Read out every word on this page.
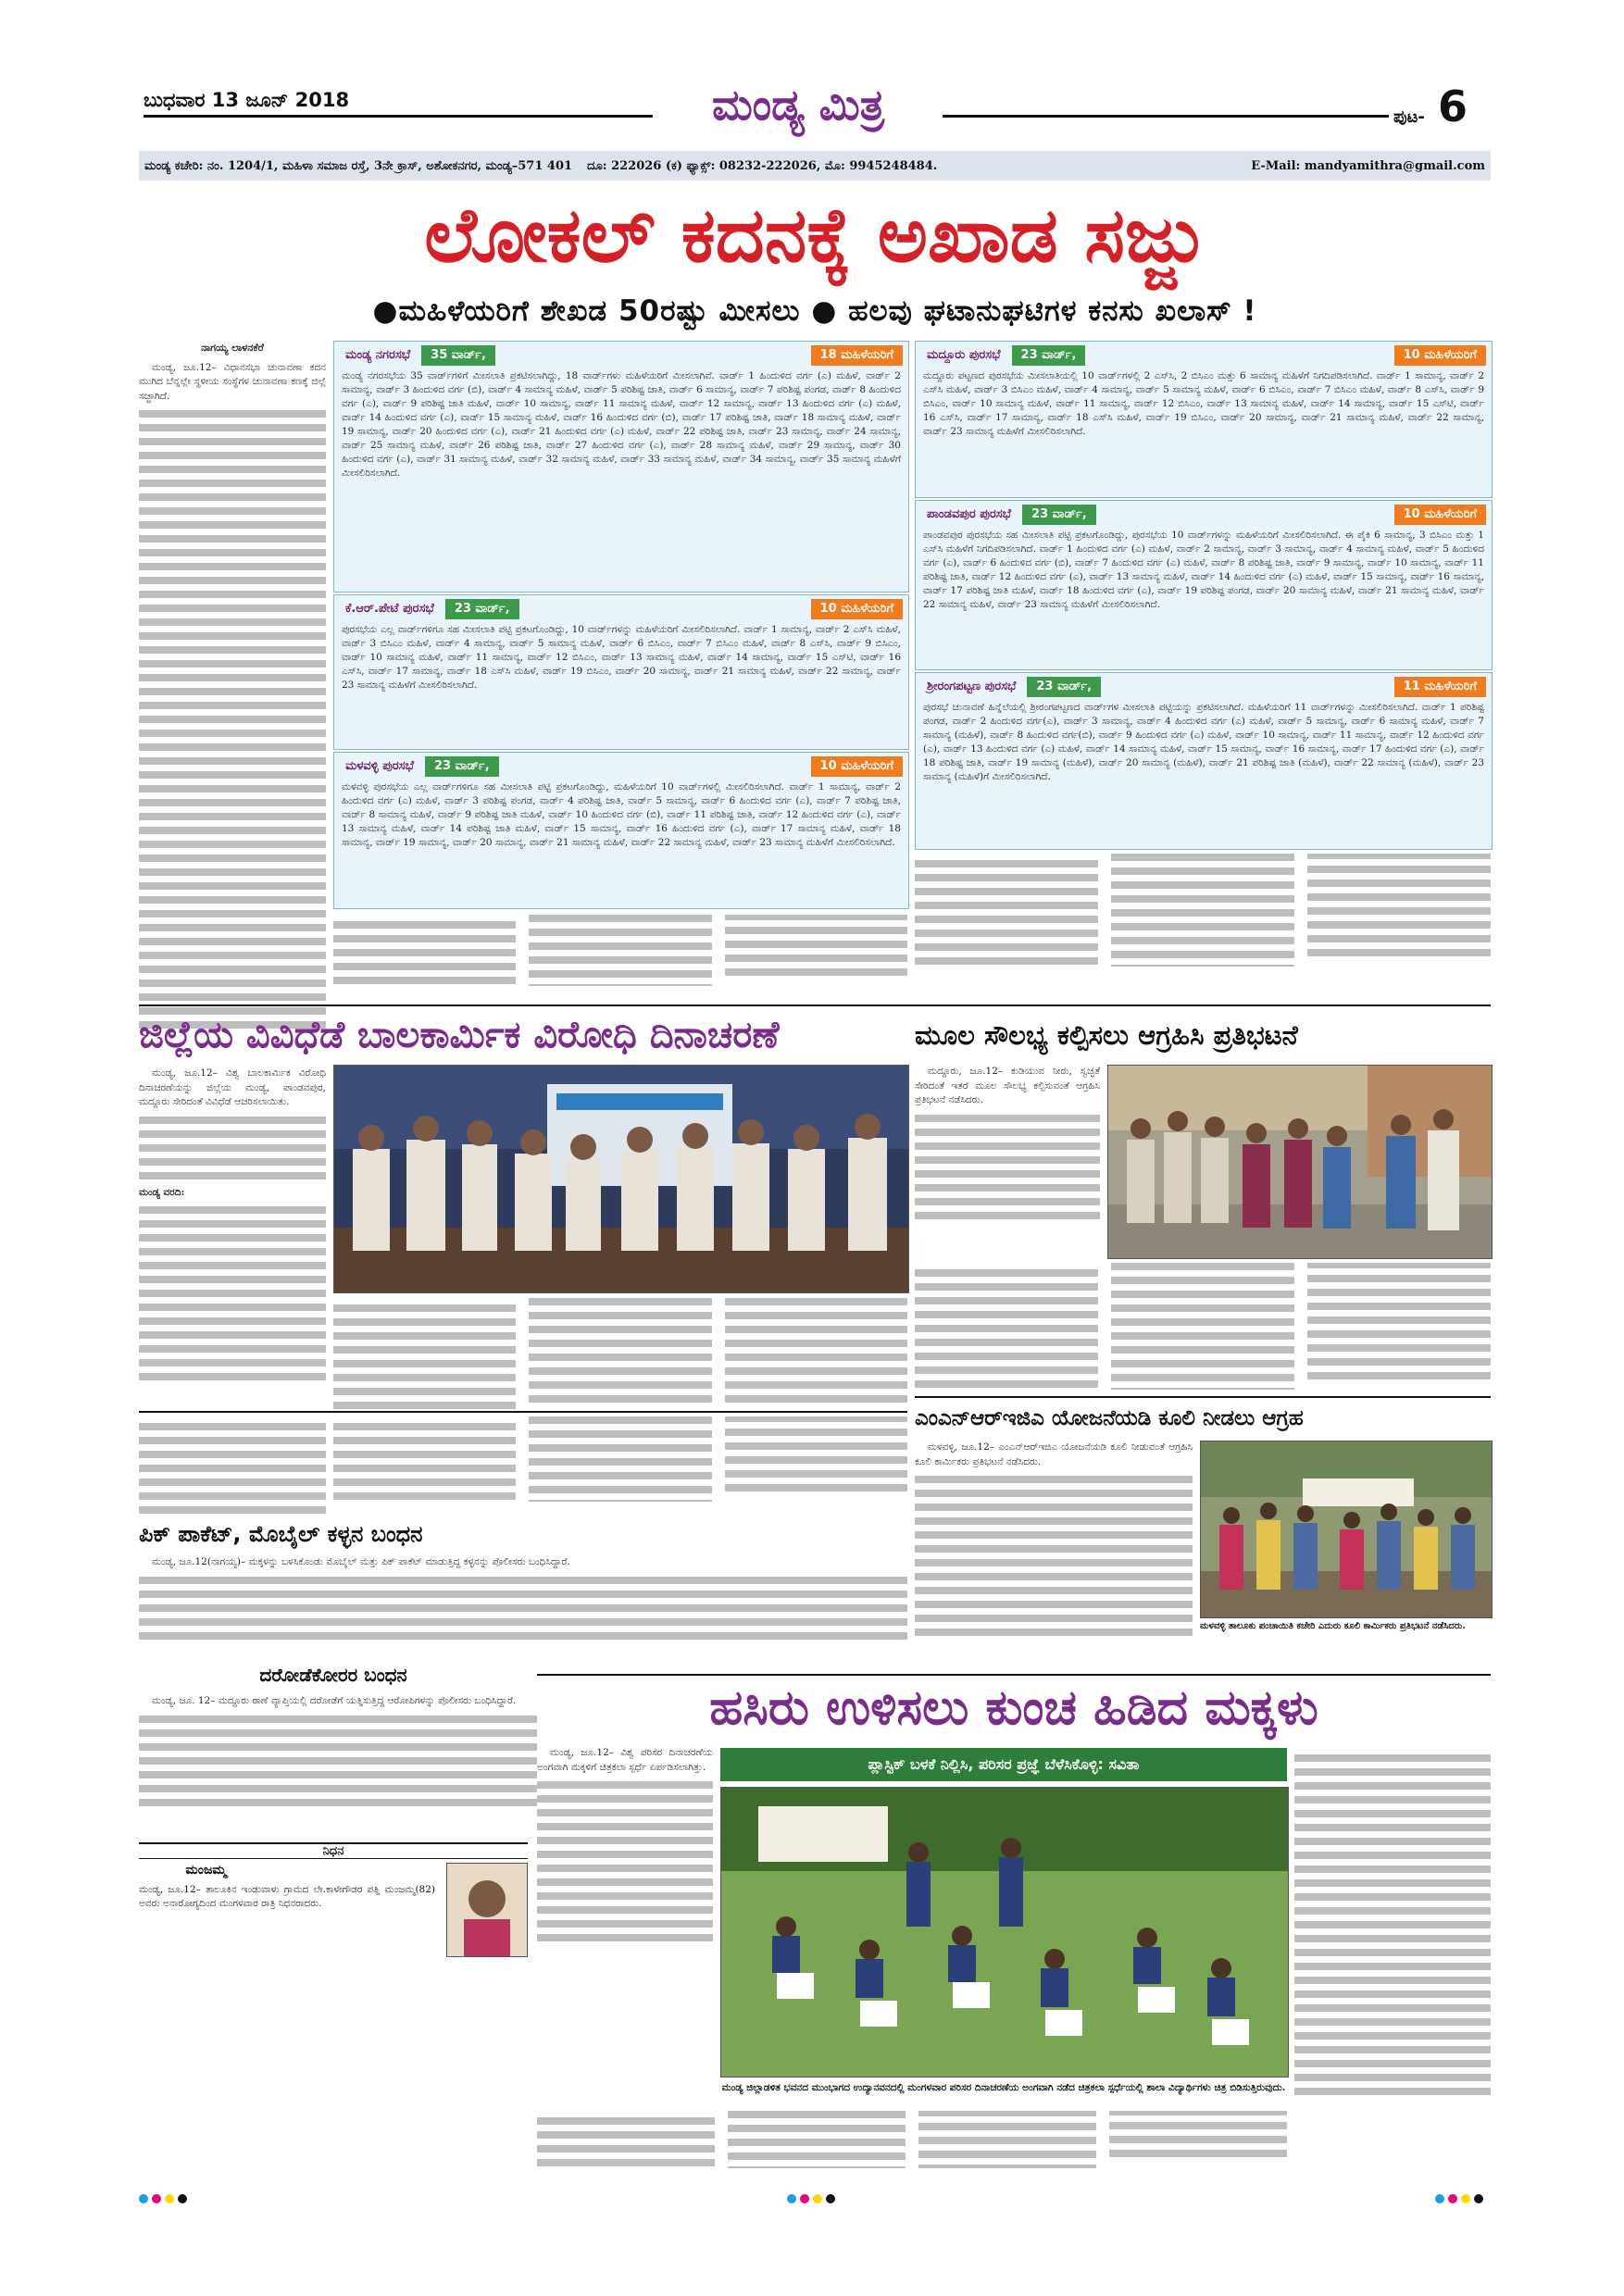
ಬುಧವಾರ 13 ಜೂನ್ 2018	ಮಂಡ್ಯ ಮಿತ್ರ	ಪುಟ- 6
ಮಂಡ್ಯ ಕಚೇರಿ: ನಂ. 1204/1, ಮಹಿಳಾ ಸಮಾಜ ರಸ್ತೆ, 3ನೇ ಕ್ರಾಸ್, ಅಶೋಕನಗರ, ಮಂಡ್ಯ–571 401 ದೂ: 222026 (ಕ) ಫ್ಯಾಕ್ಸ್: 08232-222026, ಮೊ: 9945248484.	E-Mail: mandyamithra@gmail.com
ಲೋಕಲ್ ಕದನಕ್ಕೆ ಅಖಾಡ ಸಜ್ಜು
●ಮಹಿಳೆಯರಿಗೆ ಶೇಖಡ 50ರಷ್ಟು ಮೀಸಲು ● ಹಲವು ಘಟಾನುಘಟಿಗಳ ಕನಸು ಖಲಾಸ್ !
ನಾಗಯ್ಯ ಲಾಳನಕೆರೆ

ಮಂಡ್ಯ, ಜೂ.12– ವಿಧಾನಸಭಾ ಚುನಾವಣಾ ಕದನ ಮುಗಿದ ಬೆನ್ನಲ್ಲೇ ಸ್ಥಳೀಯ ಸಂಸ್ಥೆಗಳ ಚುನಾವಣಾ ಕಣಕ್ಕೆ ಜಿಲ್ಲೆ ಸಜ್ಜಾಗಿದೆ.

ಮಂಡ್ಯ ನಗರಸಭೆ	35 ವಾರ್ಡ್,	18 ಮಹಿಳೆಯರಿಗೆ
ಮಂಡ್ಯ ನಗರಸಭೆಯ 35 ವಾರ್ಡ್‌ಗಳಿಗೆ ಮೀಸಲಾತಿ ಪ್ರಕಟಿಸಲಾಗಿದ್ದು, 18 ವಾರ್ಡ್‌ಗಳು ಮಹಿಳೆಯರಿಗೆ ಮೀಸಲಾಗಿವೆ. ವಾರ್ಡ್ 1 ಹಿಂದುಳಿದ ವರ್ಗ (ಎ) ಮಹಿಳೆ, ವಾರ್ಡ್ 2 ಸಾಮಾನ್ಯ, ವಾರ್ಡ್ 3 ಹಿಂದುಳಿದ ವರ್ಗ (ಬಿ), ವಾರ್ಡ್ 4 ಸಾಮಾನ್ಯ ಮಹಿಳೆ, ವಾರ್ಡ್ 5 ಪರಿಶಿಷ್ಟ ಜಾತಿ, ವಾರ್ಡ್ 6 ಸಾಮಾನ್ಯ, ವಾರ್ಡ್ 7 ಪರಿಶಿಷ್ಟ ಪಂಗಡ, ವಾರ್ಡ್ 8 ಹಿಂದುಳಿದ ವರ್ಗ (ಎ), ವಾರ್ಡ್ 9 ಪರಿಶಿಷ್ಟ ಜಾತಿ ಮಹಿಳೆ, ವಾರ್ಡ್ 10 ಸಾಮಾನ್ಯ, ವಾರ್ಡ್ 11 ಸಾಮಾನ್ಯ ಮಹಿಳೆ, ವಾರ್ಡ್ 12 ಸಾಮಾನ್ಯ, ವಾರ್ಡ್ 13 ಹಿಂದುಳಿದ ವರ್ಗ (ಎ) ಮಹಿಳೆ, ವಾರ್ಡ್ 14 ಹಿಂದುಳಿದ ವರ್ಗ (ಎ), ವಾರ್ಡ್ 15 ಸಾಮಾನ್ಯ ಮಹಿಳೆ, ವಾರ್ಡ್ 16 ಹಿಂದುಳಿದ ವರ್ಗ (ಬಿ), ವಾರ್ಡ್ 17 ಪರಿಶಿಷ್ಟ ಜಾತಿ, ವಾರ್ಡ್ 18 ಸಾಮಾನ್ಯ ಮಹಿಳೆ, ವಾರ್ಡ್ 19 ಸಾಮಾನ್ಯ, ವಾರ್ಡ್ 20 ಹಿಂದುಳಿದ ವರ್ಗ (ಎ), ವಾರ್ಡ್ 21 ಹಿಂದುಳಿದ ವರ್ಗ (ಎ) ಮಹಿಳೆ, ವಾರ್ಡ್ 22 ಪರಿಶಿಷ್ಟ ಜಾತಿ, ವಾರ್ಡ್ 23 ಸಾಮಾನ್ಯ, ವಾರ್ಡ್ 24 ಸಾಮಾನ್ಯ, ವಾರ್ಡ್ 25 ಸಾಮಾನ್ಯ ಮಹಿಳೆ, ವಾರ್ಡ್ 26 ಪರಿಶಿಷ್ಟ ಜಾತಿ, ವಾರ್ಡ್ 27 ಹಿಂದುಳಿದ ವರ್ಗ (ಎ), ವಾರ್ಡ್ 28 ಸಾಮಾನ್ಯ ಮಹಿಳೆ, ವಾರ್ಡ್ 29 ಸಾಮಾನ್ಯ, ವಾರ್ಡ್ 30 ಹಿಂದುಳಿದ ವರ್ಗ (ಎ), ವಾರ್ಡ್ 31 ಸಾಮಾನ್ಯ ಮಹಿಳೆ, ವಾರ್ಡ್ 32 ಸಾಮಾನ್ಯ ಮಹಿಳೆ, ವಾರ್ಡ್ 33 ಸಾಮಾನ್ಯ ಮಹಿಳೆ, ವಾರ್ಡ್ 34 ಸಾಮಾನ್ಯ, ವಾರ್ಡ್ 35 ಸಾಮಾನ್ಯ ಮಹಿಳೆಗೆ ಮೀಸಲಿರಿಸಲಾಗಿದೆ.
ಕೆ.ಆರ್.ಪೇಟೆ ಪುರಸಭೆ	23 ವಾರ್ಡ್,	10 ಮಹಿಳೆಯರಿಗೆ
ಪುರಸಭೆಯ ಎಲ್ಲ ವಾರ್ಡ್‌ಗಳಿಗೂ ಸಹ ಮೀಸಲಾತಿ ಪಟ್ಟಿ ಪ್ರಕಟಗೊಂಡಿದ್ದು, 10 ವಾರ್ಡ್‌ಗಳನ್ನು ಮಹಿಳೆಯರಿಗೆ ಮೀಸಲಿರಿಸಲಾಗಿದೆ. ವಾರ್ಡ್ 1 ಸಾಮಾನ್ಯ, ವಾರ್ಡ್ 2 ಎಸ್‌ಸಿ ಮಹಿಳೆ, ವಾರ್ಡ್ 3 ಬಿಸಿಎಂ ಮಹಿಳೆ, ವಾರ್ಡ್ 4 ಸಾಮಾನ್ಯ, ವಾರ್ಡ್ 5 ಸಾಮಾನ್ಯ ಮಹಿಳೆ, ವಾರ್ಡ್ 6 ಬಿಸಿಎಂ, ವಾರ್ಡ್ 7 ಬಿಸಿಎಂ ಮಹಿಳೆ, ವಾರ್ಡ್ 8 ಎಸ್‌ಸಿ, ವಾರ್ಡ್ 9 ಬಿಸಿಎಂ, ವಾರ್ಡ್ 10 ಸಾಮಾನ್ಯ ಮಹಿಳೆ, ವಾರ್ಡ್ 11 ಸಾಮಾನ್ಯ, ವಾರ್ಡ್ 12 ಬಿಸಿಎಂ, ವಾರ್ಡ್ 13 ಸಾಮಾನ್ಯ ಮಹಿಳೆ, ವಾರ್ಡ್ 14 ಸಾಮಾನ್ಯ, ವಾರ್ಡ್ 15 ಎಸ್‌ಟಿ, ವಾರ್ಡ್ 16 ಎಸ್‌ಸಿ, ವಾರ್ಡ್ 17 ಸಾಮಾನ್ಯ, ವಾರ್ಡ್ 18 ಎಸ್‌ಸಿ ಮಹಿಳೆ, ವಾರ್ಡ್ 19 ಬಿಸಿಎಂ, ವಾರ್ಡ್ 20 ಸಾಮಾನ್ಯ, ವಾರ್ಡ್ 21 ಸಾಮಾನ್ಯ ಮಹಿಳೆ, ವಾರ್ಡ್ 22 ಸಾಮಾನ್ಯ, ವಾರ್ಡ್ 23 ಸಾಮಾನ್ಯ ಮಹಿಳೆಗೆ ಮೀಸಲಿರಿಸಲಾಗಿದೆ.
ಮಳವಳ್ಳಿ ಪುರಸಭೆ	23 ವಾರ್ಡ್,	10 ಮಹಿಳೆಯರಿಗೆ
ಮಳವಳ್ಳಿ ಪುರಸಭೆಯ ಎಲ್ಲ ವಾರ್ಡ್‌ಗಳಿಗೂ ಸಹ ಮೀಸಲಾತಿ ಪಟ್ಟಿ ಪ್ರಕಟಗೊಂಡಿದ್ದು, ಮಹಿಳೆಯರಿಗೆ 10 ವಾರ್ಡ್‌ಗಳಲ್ಲಿ ಮೀಸಲಿರಿಸಲಾಗಿದೆ. ವಾರ್ಡ್ 1 ಸಾಮಾನ್ಯ, ವಾರ್ಡ್ 2 ಹಿಂದುಳಿದ ವರ್ಗ (ಎ) ಮಹಿಳೆ, ವಾರ್ಡ್ 3 ಪರಿಶಿಷ್ಟ ಪಂಗಡ, ವಾರ್ಡ್ 4 ಪರಿಶಿಷ್ಟ ಜಾತಿ, ವಾರ್ಡ್ 5 ಸಾಮಾನ್ಯ, ವಾರ್ಡ್ 6 ಹಿಂದುಳಿದ ವರ್ಗ (ಎ), ವಾರ್ಡ್ 7 ಪರಿಶಿಷ್ಟ ಜಾತಿ, ವಾರ್ಡ್ 8 ಸಾಮಾನ್ಯ ಮಹಿಳೆ, ವಾರ್ಡ್ 9 ಪರಿಶಿಷ್ಟ ಜಾತಿ ಮಹಿಳೆ, ವಾರ್ಡ್ 10 ಹಿಂದುಳಿದ ವರ್ಗ (ಬಿ), ವಾರ್ಡ್ 11 ಪರಿಶಿಷ್ಟ ಜಾತಿ, ವಾರ್ಡ್ 12 ಹಿಂದುಳಿದ ವರ್ಗ (ಎ), ವಾರ್ಡ್ 13 ಸಾಮಾನ್ಯ ಮಹಿಳೆ, ವಾರ್ಡ್ 14 ಪರಿಶಿಷ್ಟ ಜಾತಿ ಮಹಿಳೆ, ವಾರ್ಡ್ 15 ಸಾಮಾನ್ಯ, ವಾರ್ಡ್ 16 ಹಿಂದುಳಿದ ವರ್ಗ (ಎ), ವಾರ್ಡ್ 17 ಸಾಮಾನ್ಯ ಮಹಿಳೆ, ವಾರ್ಡ್ 18 ಸಾಮಾನ್ಯ, ವಾರ್ಡ್ 19 ಸಾಮಾನ್ಯ, ವಾರ್ಡ್ 20 ಸಾಮಾನ್ಯ, ವಾರ್ಡ್ 21 ಸಾಮಾನ್ಯ ಮಹಿಳೆ, ವಾರ್ಡ್ 22 ಸಾಮಾನ್ಯ ಮಹಿಳೆ, ವಾರ್ಡ್ 23 ಸಾಮಾನ್ಯ ಮಹಿಳೆಗೆ ಮೀಸಲಿರಿಸಲಾಗಿದೆ.
ಮದ್ದೂರು ಪುರಸಭೆ	23 ವಾರ್ಡ್,	10 ಮಹಿಳೆಯರಿಗೆ
ಮದ್ದೂರು ಪಟ್ಟಣದ ಪುರಸಭೆಯ ಮೀಸಲಾತಿಯಲ್ಲಿ 10 ವಾರ್ಡ್‌ಗಳಲ್ಲಿ 2 ಎಸ್‌ಸಿ, 2 ಬಿಸಿಎಂ ಮತ್ತು 6 ಸಾಮಾನ್ಯ ಮಹಿಳೆಗೆ ನಿಗದಿಪಡಿಸಲಾಗಿದೆ. ವಾರ್ಡ್ 1 ಸಾಮಾನ್ಯ, ವಾರ್ಡ್ 2 ಎಸ್‌ಸಿ ಮಹಿಳೆ, ವಾರ್ಡ್ 3 ಬಿಸಿಎಂ ಮಹಿಳೆ, ವಾರ್ಡ್ 4 ಸಾಮಾನ್ಯ, ವಾರ್ಡ್ 5 ಸಾಮಾನ್ಯ ಮಹಿಳೆ, ವಾರ್ಡ್ 6 ಬಿಸಿಎಂ, ವಾರ್ಡ್ 7 ಬಿಸಿಎಂ ಮಹಿಳೆ, ವಾರ್ಡ್ 8 ಎಸ್‌ಸಿ, ವಾರ್ಡ್ 9 ಬಿಸಿಎಂ, ವಾರ್ಡ್ 10 ಸಾಮಾನ್ಯ ಮಹಿಳೆ, ವಾರ್ಡ್ 11 ಸಾಮಾನ್ಯ, ವಾರ್ಡ್ 12 ಬಿಸಿಎಂ, ವಾರ್ಡ್ 13 ಸಾಮಾನ್ಯ ಮಹಿಳೆ, ವಾರ್ಡ್ 14 ಸಾಮಾನ್ಯ, ವಾರ್ಡ್ 15 ಎಸ್‌ಟಿ, ವಾರ್ಡ್ 16 ಎಸ್‌ಸಿ, ವಾರ್ಡ್ 17 ಸಾಮಾನ್ಯ, ವಾರ್ಡ್ 18 ಎಸ್‌ಸಿ ಮಹಿಳೆ, ವಾರ್ಡ್ 19 ಬಿಸಿಎಂ, ವಾರ್ಡ್ 20 ಸಾಮಾನ್ಯ, ವಾರ್ಡ್ 21 ಸಾಮಾನ್ಯ ಮಹಿಳೆ, ವಾರ್ಡ್ 22 ಸಾಮಾನ್ಯ, ವಾರ್ಡ್ 23 ಸಾಮಾನ್ಯ ಮಹಿಳೆಗೆ ಮೀಸಲಿರಿಸಲಾಗಿದೆ.
ಪಾಂಡವಪುರ ಪುರಸಭೆ	23 ವಾರ್ಡ್,	10 ಮಹಿಳೆಯರಿಗೆ
ಪಾಂಡವಪುರ ಪುರಸಭೆಯ ಸಹ ಮೀಸಲಾತಿ ಪಟ್ಟಿ ಪ್ರಕಟಗೊಂಡಿದ್ದು, ಪುರಸಭೆಯ 10 ವಾರ್ಡ್‌ಗಳನ್ನು ಮಹಿಳೆಯರಿಗೆ ಮೀಸಲಿರಿಸಲಾಗಿದೆ. ಈ ಪೈಕಿ 6 ಸಾಮಾನ್ಯ, 3 ಬಿಸಿಎಂ ಮತ್ತು 1 ಎಸ್‌ಸಿ ಮಹಿಳೆಗೆ ನಿಗದಿಪಡಿಸಲಾಗಿದೆ. ವಾರ್ಡ್ 1 ಹಿಂದುಳಿದ ವರ್ಗ (ಎ) ಮಹಿಳೆ, ವಾರ್ಡ್ 2 ಸಾಮಾನ್ಯ, ವಾರ್ಡ್ 3 ಸಾಮಾನ್ಯ, ವಾರ್ಡ್ 4 ಸಾಮಾನ್ಯ ಮಹಿಳೆ, ವಾರ್ಡ್ 5 ಹಿಂದುಳಿದ ವರ್ಗ (ಎ), ವಾರ್ಡ್ 6 ಹಿಂದುಳಿದ ವರ್ಗ (ಬಿ), ವಾರ್ಡ್ 7 ಹಿಂದುಳಿದ ವರ್ಗ (ಎ) ಮಹಿಳೆ, ವಾರ್ಡ್ 8 ಪರಿಶಿಷ್ಟ ಜಾತಿ, ವಾರ್ಡ್ 9 ಸಾಮಾನ್ಯ, ವಾರ್ಡ್ 10 ಸಾಮಾನ್ಯ, ವಾರ್ಡ್ 11 ಪರಿಶಿಷ್ಟ ಜಾತಿ, ವಾರ್ಡ್ 12 ಹಿಂದುಳಿದ ವರ್ಗ (ಎ), ವಾರ್ಡ್ 13 ಸಾಮಾನ್ಯ ಮಹಿಳೆ, ವಾರ್ಡ್ 14 ಹಿಂದುಳಿದ ವರ್ಗ (ಎ) ಮಹಿಳೆ, ವಾರ್ಡ್ 15 ಸಾಮಾನ್ಯ, ವಾರ್ಡ್ 16 ಸಾಮಾನ್ಯ, ವಾರ್ಡ್ 17 ಪರಿಶಿಷ್ಟ ಜಾತಿ ಮಹಿಳೆ, ವಾರ್ಡ್ 18 ಹಿಂದುಳಿದ ವರ್ಗ (ಎ), ವಾರ್ಡ್ 19 ಪರಿಶಿಷ್ಟ ಪಂಗಡ, ವಾರ್ಡ್ 20 ಸಾಮಾನ್ಯ ಮಹಿಳೆ, ವಾರ್ಡ್ 21 ಸಾಮಾನ್ಯ ಮಹಿಳೆ, ವಾರ್ಡ್ 22 ಸಾಮಾನ್ಯ ಮಹಿಳೆ, ವಾರ್ಡ್ 23 ಸಾಮಾನ್ಯ ಮಹಿಳೆಗೆ ಮೀಸಲಿರಿಸಲಾಗಿದೆ.
ಶ್ರೀರಂಗಪಟ್ಟಣ ಪುರಸಭೆ	23 ವಾರ್ಡ್,	11 ಮಹಿಳೆಯರಿಗೆ
ಪುರಸಭೆ ಚುನಾವಣೆ ಹಿನ್ನೆಲೆಯಲ್ಲಿ ಶ್ರೀರಂಗಪಟ್ಟಣದ ವಾರ್ಡ್‌ಗಳ ಮೀಸಲಾತಿ ಪಟ್ಟಿಯನ್ನು ಪ್ರಕಟಿಸಲಾಗಿದೆ. ಮಹಿಳೆಯರಿಗೆ 11 ವಾರ್ಡ್‌ಗಳನ್ನು ಮೀಸಲಿರಿಸಲಾಗಿದೆ. ವಾರ್ಡ್ 1 ಪರಿಶಿಷ್ಟ ಪಂಗಡ, ವಾರ್ಡ್ 2 ಹಿಂದುಳಿದ ವರ್ಗ(ಎ), ವಾರ್ಡ್ 3 ಸಾಮಾನ್ಯ, ವಾರ್ಡ್ 4 ಹಿಂದುಳಿದ ವರ್ಗ (ಎ) ಮಹಿಳೆ, ವಾರ್ಡ್ 5 ಸಾಮಾನ್ಯ, ವಾರ್ಡ್ 6 ಸಾಮಾನ್ಯ ಮಹಿಳೆ, ವಾರ್ಡ್ 7 ಸಾಮಾನ್ಯ (ಮಹಿಳೆ), ವಾರ್ಡ್ 8 ಹಿಂದುಳಿದ ವರ್ಗ(ಬಿ), ವಾರ್ಡ್ 9 ಹಿಂದುಳಿದ ವರ್ಗ (ಎ) ಮಹಿಳೆ, ವಾರ್ಡ್ 10 ಸಾಮಾನ್ಯ, ವಾರ್ಡ್ 11 ಸಾಮಾನ್ಯ, ವಾರ್ಡ್ 12 ಹಿಂದುಳಿದ ವರ್ಗ (ಎ), ವಾರ್ಡ್ 13 ಹಿಂದುಳಿದ ವರ್ಗ (ಎ) ಮಹಿಳೆ, ವಾರ್ಡ್ 14 ಸಾಮಾನ್ಯ ಮಹಿಳೆ, ವಾರ್ಡ್ 15 ಸಾಮಾನ್ಯ, ವಾರ್ಡ್ 16 ಸಾಮಾನ್ಯ, ವಾರ್ಡ್ 17 ಹಿಂದುಳಿದ ವರ್ಗ (ಎ), ವಾರ್ಡ್ 18 ಪರಿಶಿಷ್ಟ ಜಾತಿ, ವಾರ್ಡ್ 19 ಸಾಮಾನ್ಯ (ಮಹಿಳೆ), ವಾರ್ಡ್ 20 ಸಾಮಾನ್ಯ (ಮಹಿಳೆ), ವಾರ್ಡ್ 21 ಪರಿಶಿಷ್ಟ ಜಾತಿ (ಮಹಿಳೆ), ವಾರ್ಡ್ 22 ಸಾಮಾನ್ಯ (ಮಹಿಳೆ), ವಾರ್ಡ್ 23 ಸಾಮಾನ್ಯ (ಮಹಿಳೆ)ಗೆ ಮೀಸಲಿರಿಸಲಾಗಿದೆ.
ಜಿಲ್ಲೆಯ ವಿವಿಧೆಡೆ ಬಾಲಕಾರ್ಮಿಕ ವಿರೋಧಿ ದಿನಾಚರಣೆ

ಮಂಡ್ಯ, ಜೂ.12– ವಿಶ್ವ ಬಾಲಕಾರ್ಮಿಕ ವಿರೋಧಿ ದಿನಾಚರಣೆಯನ್ನು ಜಿಲ್ಲೆಯ ಮಂಡ್ಯ, ಪಾಂಡವಪುರ, ಮದ್ದೂರು ಸೇರಿದಂತೆ ವಿವಿಧೆಡೆ ಆಚರಿಸಲಾಯಿತು.

ಮಂಡ್ಯ ವರದಿ:
ಮೂಲ ಸೌಲಭ್ಯ ಕಲ್ಪಿಸಲು ಆಗ್ರಹಿಸಿ ಪ್ರತಿಭಟನೆ

ಮದ್ದೂರು, ಜೂ.12– ಕುಡಿಯುವ ನೀರು, ಸ್ವಚ್ಛತೆ ಸೇರಿದಂತೆ ಇತರೆ ಮೂಲ ಸೌಲಭ್ಯ ಕಲ್ಪಿಸುವಂತೆ ಆಗ್ರಹಿಸಿ ಪ್ರತಿಭಟನೆ ನಡೆಸಿದರು.

ಎಂಎನ್‌ಆರ್‌ಇಜಿಎ ಯೋಜನೆಯಡಿ ಕೂಲಿ ನೀಡಲು ಆಗ್ರಹ

ಮಳವಳ್ಳಿ, ಜೂ.12– ಎಂಎನ್‌ಆರ್‌ಇಜಿಎ ಯೋಜನೆಯಡಿ ಕೂಲಿ ನೀಡುವಂತೆ ಆಗ್ರಹಿಸಿ ಕೂಲಿ ಕಾರ್ಮಿಕರು ಪ್ರತಿಭಟನೆ ನಡೆಸಿದರು.

ಮಳವಳ್ಳಿ ತಾಲೂಕು ಪಂಚಾಯಿತಿ ಕಚೇರಿ ಎದುರು ಕೂಲಿ ಕಾರ್ಮಿಕರು ಪ್ರತಿಭಟನೆ ನಡೆಸಿದರು.
ಪಿಕ್ ಪಾಕೆಟ್, ಮೊಬೈಲ್ ಕಳ್ಳನ ಬಂಧನ

ಮಂಡ್ಯ, ಜೂ.12(ನಾಗಯ್ಯ)– ಮಕ್ಕಳನ್ನು ಬಳಸಿಕೊಂಡು ಮೊಬೈಲ್ ಮತ್ತು ಪಿಕ್ ಪಾಕೆಟ್ ಮಾಡುತ್ತಿದ್ದ ಕಳ್ಳನನ್ನು ಪೊಲೀಸರು ಬಂಧಿಸಿದ್ದಾರೆ.

ದರೋಡೆಕೋರರ ಬಂಧನ

ಮಂಡ್ಯ, ಜೂ. 12– ಮದ್ದೂರು ಠಾಣೆ ವ್ಯಾಪ್ತಿಯಲ್ಲಿ ದರೋಡೆಗೆ ಯತ್ನಿಸುತ್ತಿದ್ದ ಆರೋಪಿಗಳನ್ನು ಪೊಲೀಸರು ಬಂಧಿಸಿದ್ದಾರೆ.

ನಿಧನ
ಮಂಜಮ್ಮ
ಮಂಡ್ಯ, ಜೂ.12– ತಾಲೂಕಿನ ಇಂಡುವಾಳು ಗ್ರಾಮದ ಲೇ.ಕಾಳೇಗೌಡರ ಪತ್ನಿ ಮಂಜಮ್ಮ(82) ಅವರು ಅನಾರೋಗ್ಯದಿಂದ ಮಂಗಳವಾರ ರಾತ್ರಿ ನಿಧನರಾದರು.
ಹಸಿರು ಉಳಿಸಲು ಕುಂಚ ಹಿಡಿದ ಮಕ್ಕಳು

ಮಂಡ್ಯ, ಜೂ.12– ವಿಶ್ವ ಪರಿಸರ ದಿನಾಚರಣೆಯ ಅಂಗವಾಗಿ ಮಕ್ಕಳಿಗೆ ಚಿತ್ರಕಲಾ ಸ್ಪರ್ಧೆ ಏರ್ಪಡಿಸಲಾಗಿತ್ತು.	ಪ್ಲಾಸ್ಟಿಕ್ ಬಳಕೆ ನಿಲ್ಲಿಸಿ, ಪರಿಸರ ಪ್ರಜ್ಞೆ ಬೆಳೆಸಿಕೊಳ್ಳಿ: ಸವಿತಾ
ಮಂಡ್ಯ ಜಿಲ್ಲಾಡಳಿತ ಭವನದ ಮುಂಭಾಗದ ಉದ್ಯಾನವನದಲ್ಲಿ ಮಂಗಳವಾರ ಪರಿಸರ ದಿನಾಚರಣೆಯ ಅಂಗವಾಗಿ ನಡೆದ ಚಿತ್ರಕಲಾ ಸ್ಪರ್ಧೆಯಲ್ಲಿ ಶಾಲಾ ವಿದ್ಯಾರ್ಥಿಗಳು ಚಿತ್ರ ಬಿಡಿಸುತ್ತಿರುವುದು.
